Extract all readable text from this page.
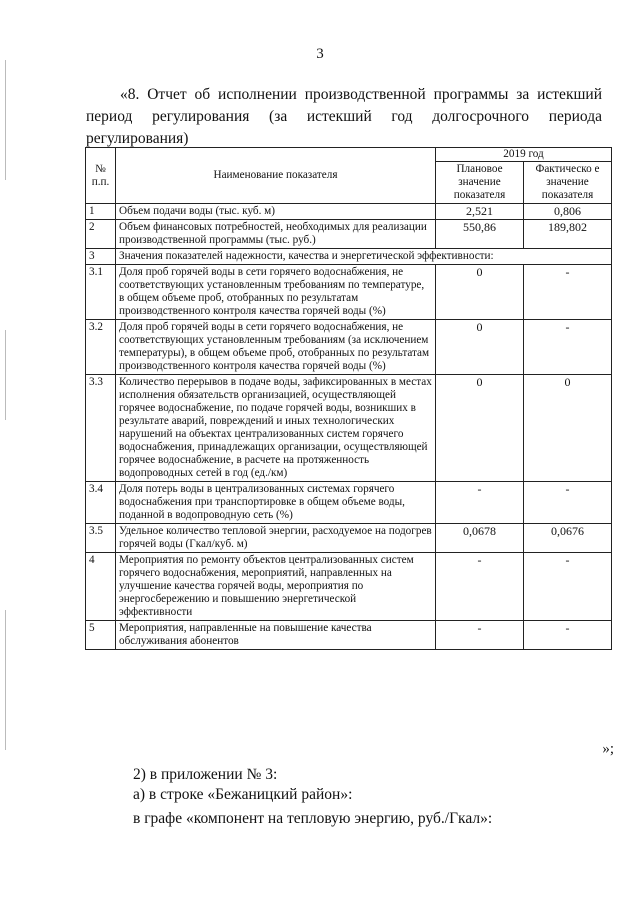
3

«8. Отчет об исполнении производственной программы за истекший

период регулирования (за истекший год долгосрочного периода

регулирования)

№
п.п.	Наименование показателя	2019 год	
		Плановое значение показателя	Фактическо е значение показателя
1	Объем подачи воды (тыс. куб. м)	2,521	0,806
2	Объем финансовых потребностей, необходимых для реализации производственной программы (тыс. руб.)	550,86	189,802
3	Значения показателей надежности, качества и энергетической эффективности:		
3.1	Доля проб горячей воды в сети горячего водоснабжения, не соответствующих установленным требованиям по температуре, в общем объеме проб, отобранных по результатам производственного контроля качества горячей воды (%)	0	-
3.2	Доля проб горячей воды в сети горячего водоснабжения, не соответствующих установленным требованиям (за исключением температуры), в общем объеме проб, отобранных по результатам производственного контроля качества горячей воды (%)	0	-
3.3	Количество перерывов в подаче воды, зафиксированных в местах исполнения обязательств организацией, осуществляющей горячее водоснабжение, по подаче горячей воды, возникших в результате аварий, повреждений и иных технологических нарушений на объектах централизованных систем горячего водоснабжения, принадлежащих организации, осуществляющей горячее водоснабжение, в расчете на протяженность водопроводных сетей в год (ед./км)	0	0
3.4	Доля потерь воды в централизованных системах горячего водоснабжения при транспортировке в общем объеме воды, поданной в водопроводную сеть (%)	-	-
3.5	Удельное количество тепловой энергии, расходуемое на подогрев горячей воды (Гкал/куб. м)	0,0678	0,0676
4	Мероприятия по ремонту объектов централизованных систем горячего водоснабжения, мероприятий, направленных на улучшение качества горячей воды, мероприятия по энергосбережению и повышению энергетической эффективности	-	-
5	Мероприятия, направленные на повышение качества обслуживания абонентов	-	-
»;
2) в приложении № 3:
а) в строке «Бежаницкий район»:
в графе «компонент на тепловую энергию, руб./Гкал»:
